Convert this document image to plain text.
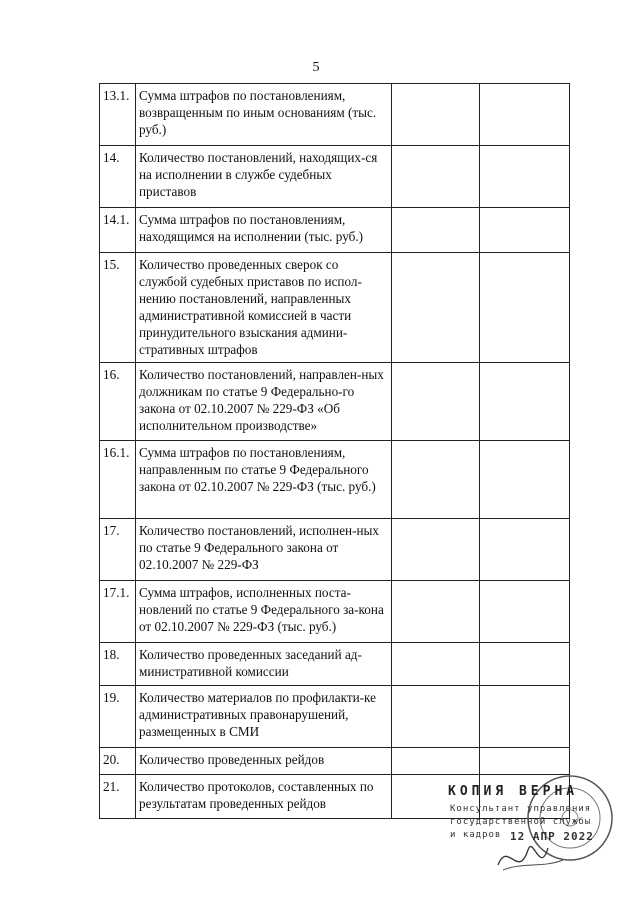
5
13.1.	Сумма штрафов по постановлениям, возвращенным по иным основаниям (тыс. руб.)		
14.	Количество постановлений, находящих-ся на исполнении в службе судебных приставов		
14.1.	Сумма штрафов по постановлениям, находящимся на исполнении (тыс. руб.)		
15.	Количество проведенных сверок со службой судебных приставов по испол-нению постановлений, направленных административной комиссией в части принудительного взыскания админи-стративных штрафов		
16.	Количество постановлений, направлен-ных должникам по статье 9 Федерально-го закона от 02.10.2007 № 229-ФЗ «Об исполнительном производстве»		
16.1.	Сумма штрафов по постановлениям, направленным по статье 9 Федерального закона от 02.10.2007 № 229-ФЗ (тыс. руб.)		
17.	Количество постановлений, исполнен-ных по статье 9 Федерального закона от 02.10.2007 № 229-ФЗ		
17.1.	Сумма штрафов, исполненных поста-новлений по статье 9 Федерального за-кона от 02.10.2007 № 229-ФЗ (тыс. руб.)		
18.	Количество проведенных заседаний ад-министративной комиссии		
19.	Количество материалов по профилакти-ке административных правонарушений, размещенных в СМИ		
20.	Количество проведенных рейдов		
21.	Количество протоколов, составленных по результатам проведенных рейдов		
КОПИЯ ВЕРНА
Консультант управления
государственной службы
и кадров 12 АПР 2022
